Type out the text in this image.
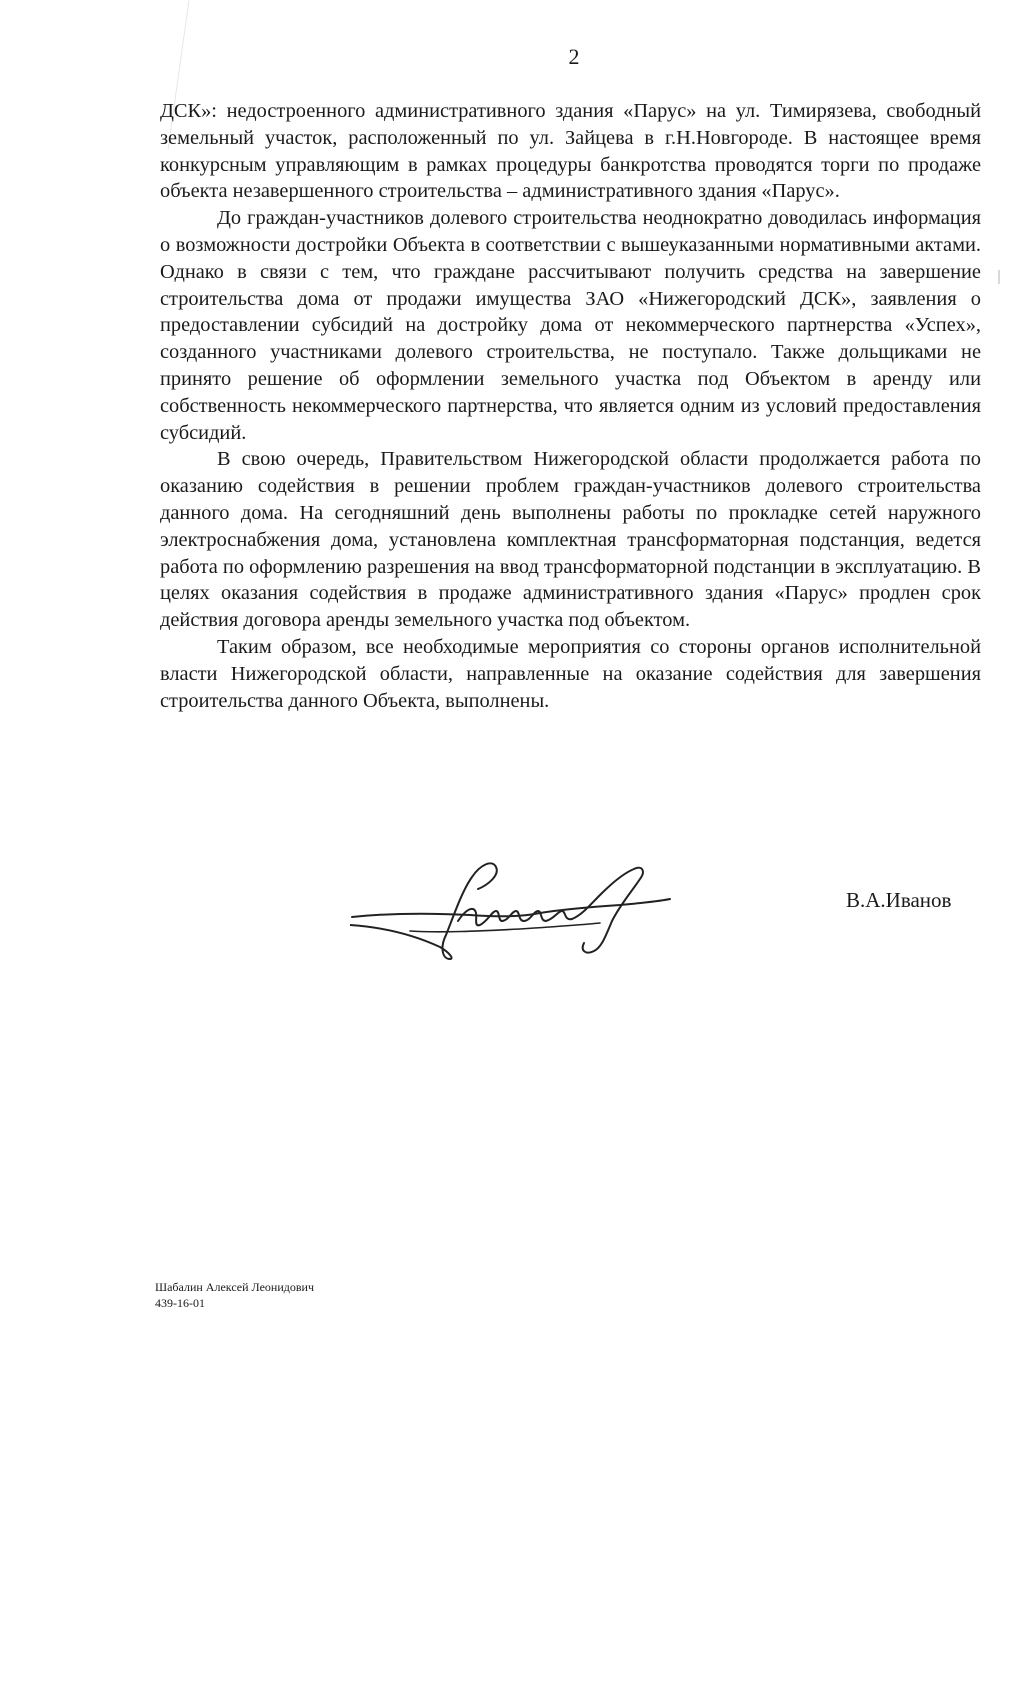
2

ДСК»: недостроенного административного здания «Парус» на ул. Тимирязева, свободный земельный участок, расположенный по ул. Зайцева в г.Н.Новгороде. В настоящее время конкурсным управляющим в рамках процедуры банкротства проводятся торги по продаже объекта незавершенного строительства – административного здания «Парус».

До граждан-участников долевого строительства неоднократно доводилась информация о возможности достройки Объекта в соответствии с вышеуказанными нормативными актами. Однако в связи с тем, что граждане рассчитывают получить средства на завершение строительства дома от продажи имущества ЗАО «Нижегородский ДСК», заявления о предоставлении субсидий на достройку дома от некоммерческого партнерства «Успех», созданного участниками долевого строительства, не поступало. Также дольщиками не принято решение об оформлении земельного участка под Объектом в аренду или собственность некоммерческого партнерства, что является одним из условий предоставления субсидий.

В свою очередь, Правительством Нижегородской области продолжается работа по оказанию содействия в решении проблем граждан-участников долевого строительства данного дома. На сегодняшний день выполнены работы по прокладке сетей наружного электроснабжения дома, установлена комплектная трансформаторная подстанция, ведется работа по оформлению разрешения на ввод трансформаторной подстанции в эксплуатацию. В целях оказания содействия в продаже административного здания «Парус» продлен срок действия договора аренды земельного участка под объектом.

Таким образом, все необходимые мероприятия со стороны органов исполнительной власти Нижегородской области, направленные на оказание содействия для завершения строительства данного Объекта, выполнены.

В.А.Иванов
Шабалин Алексей Леонидович
439-16-01
